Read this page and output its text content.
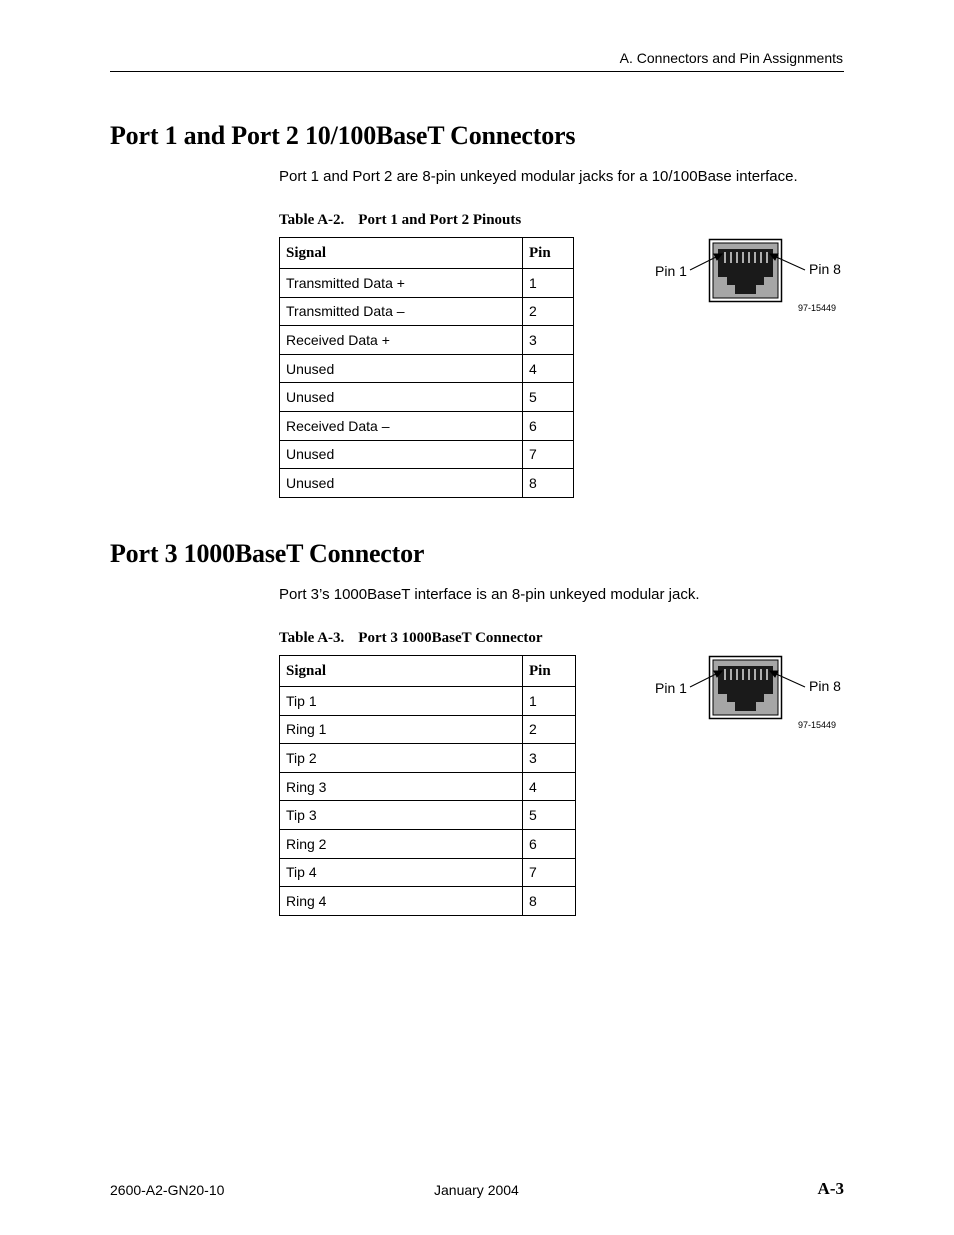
A. Connectors and Pin Assignments
Port 1 and Port 2 10/100BaseT Connectors

Port 1 and Port 2 are 8-pin unkeyed modular jacks for a 10/100Base interface.

Table A-2. Port 1 and Port 2 Pinouts

Signal	Pin
Transmitted Data +	1
Transmitted Data –	2
Received Data +	3
Unused	4
Unused	5
Received Data –	6
Unused	7
Unused	8
Pin 1	Pin 8
97-15449
Port 3 1000BaseT Connector

Port 3’s 1000BaseT interface is an 8-pin unkeyed modular jack.

Table A-3. Port 3 1000BaseT Connector

Signal	Pin
Tip 1	1
Ring 1	2
Tip 2	3
Ring 3	4
Tip 3	5
Ring 2	6
Tip 4	7
Ring 4	8
Pin 1	Pin 8
97-15449
2600-A2-GN20-10	January 2004	A-3
